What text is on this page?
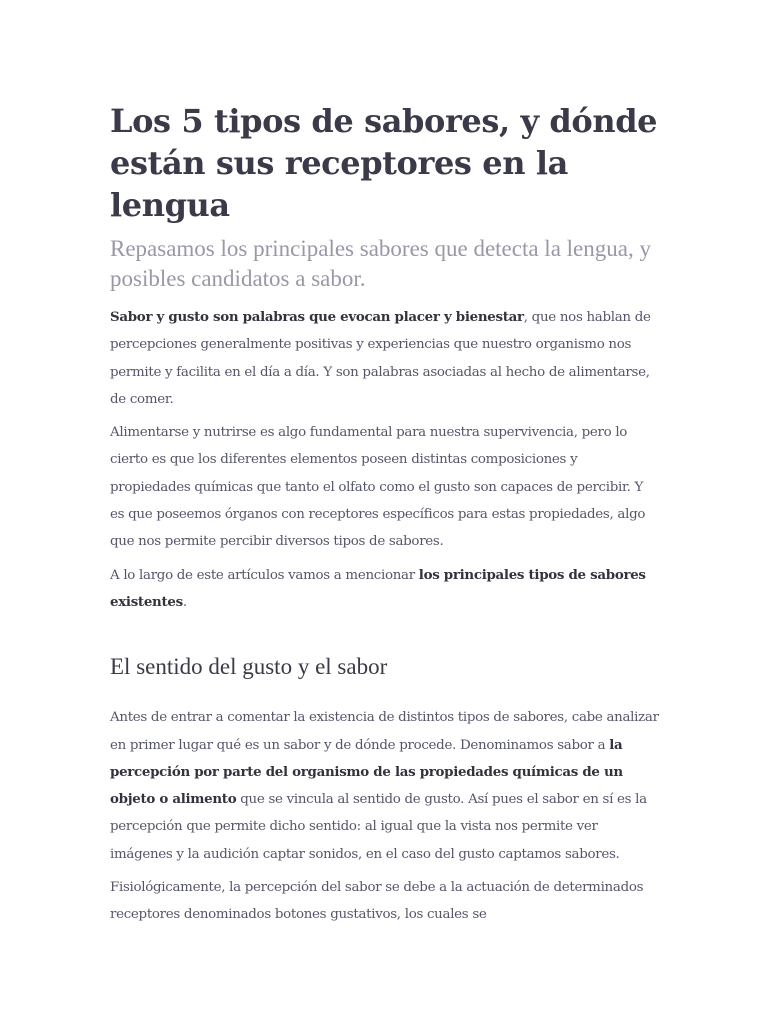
Los 5 tipos de sabores, y dónde están sus receptores en la lengua
Repasamos los principales sabores que detecta la lengua, y posibles candidatos a sabor.

Sabor y gusto son palabras que evocan placer y bienestar, que nos hablan de percepciones generalmente positivas y experiencias que nuestro organismo nos permite y facilita en el día a día. Y son palabras asociadas al hecho de alimentarse, de comer.

Alimentarse y nutrirse es algo fundamental para nuestra supervivencia, pero lo cierto es que los diferentes elementos poseen distintas composiciones y propiedades químicas que tanto el olfato como el gusto son capaces de percibir. Y es que poseemos órganos con receptores específicos para estas propiedades, algo que nos permite percibir diversos tipos de sabores.

A lo largo de este artículos vamos a mencionar los principales tipos de sabores existentes.

El sentido del gusto y el sabor

Antes de entrar a comentar la existencia de distintos tipos de sabores, cabe analizar en primer lugar qué es un sabor y de dónde procede. Denominamos sabor a la percepción por parte del organismo de las propiedades químicas de un objeto o alimento que se vincula al sentido de gusto. Así pues el sabor en sí es la percepción que permite dicho sentido: al igual que la vista nos permite ver imágenes y la audición captar sonidos, en el caso del gusto captamos sabores.

Fisiológicamente, la percepción del sabor se debe a la actuación de determinados receptores denominados botones gustativos, los cuales se
